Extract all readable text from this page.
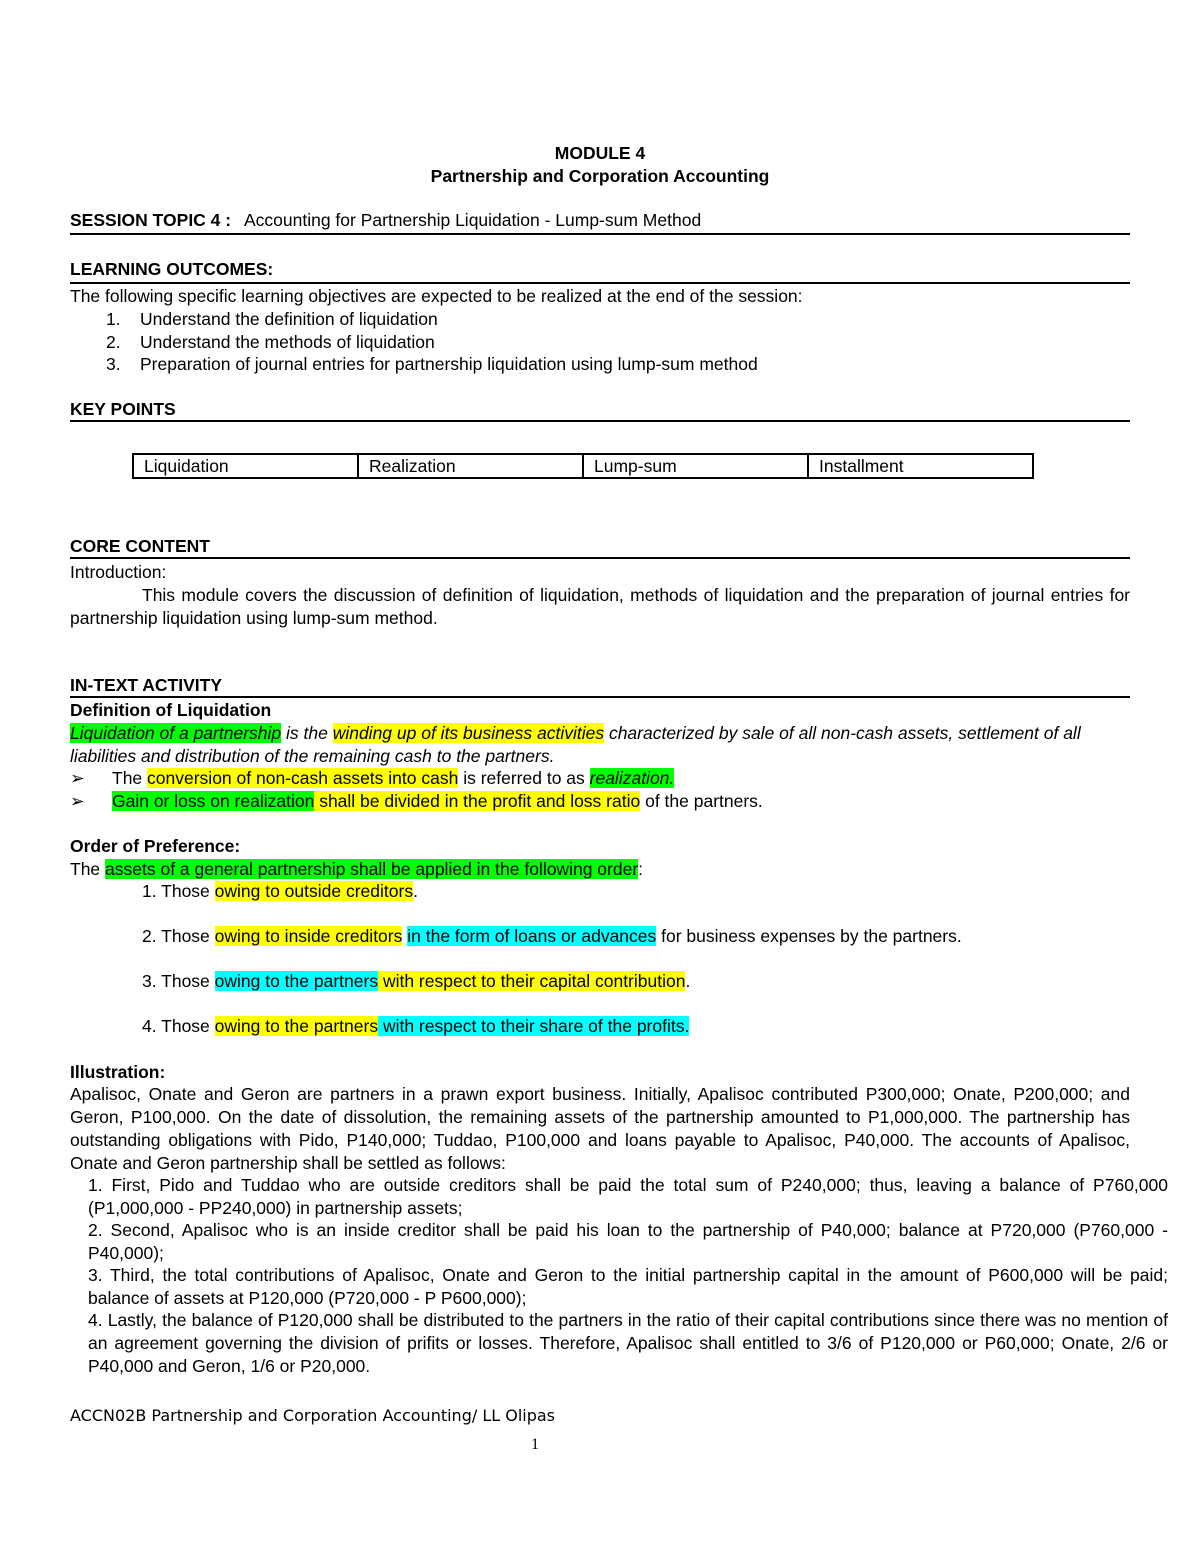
MODULE 4
Partnership and Corporation Accounting
SESSION TOPIC 4 : Accounting for Partnership Liquidation - Lump-sum Method
LEARNING OUTCOMES:
The following specific learning objectives are expected to be realized at the end of the session:
1. Understand the definition of liquidation
2. Understand the methods of liquidation
3. Preparation of journal entries for partnership liquidation using lump-sum method
KEY POINTS
Liquidation	Realization	Lump-sum	Installment
CORE CONTENT
Introduction:
This module covers the discussion of definition of liquidation, methods of liquidation and the preparation of journal entries for partnership liquidation using lump-sum method.
IN-TEXT ACTIVITY
Definition of Liquidation
Liquidation of a partnership is the winding up of its business activities characterized by sale of all non-cash assets, settlement of all liabilities and distribution of the remaining cash to the partners.
➢ The conversion of non-cash assets into cash is referred to as realization.
➢ Gain or loss on realization shall be divided in the profit and loss ratio of the partners.
Order of Preference:
The assets of a general partnership shall be applied in the following order:
1. Those owing to outside creditors.
2. Those owing to inside creditors in the form of loans or advances for business expenses by the partners.
3. Those owing to the partners with respect to their capital contribution.
4. Those owing to the partners with respect to their share of the profits.
Illustration:
Apalisoc, Onate and Geron are partners in a prawn export business. Initially, Apalisoc contributed P300,000; Onate, P200,000; and Geron, P100,000. On the date of dissolution, the remaining assets of the partnership amounted to P1,000,000. The partnership has outstanding obligations with Pido, P140,000; Tuddao, P100,000 and loans payable to Apalisoc, P40,000. The accounts of Apalisoc, Onate and Geron partnership shall be settled as follows:
1. First, Pido and Tuddao who are outside creditors shall be paid the total sum of P240,000; thus, leaving a balance of P760,000 (P1,000,000 - PP240,000) in partnership assets;
2. Second, Apalisoc who is an inside creditor shall be paid his loan to the partnership of P40,000; balance at P720,000 (P760,000 - P40,000);
3. Third, the total contributions of Apalisoc, Onate and Geron to the initial partnership capital in the amount of P600,000 will be paid; balance of assets at P120,000 (P720,000 - P P600,000);
4. Lastly, the balance of P120,000 shall be distributed to the partners in the ratio of their capital contributions since there was no mention of an agreement governing the division of prifits or losses. Therefore, Apalisoc shall entitled to 3/6 of P120,000 or P60,000; Onate, 2/6 or P40,000 and Geron, 1/6 or P20,000.
ACCN02B Partnership and Corporation Accounting/ LL Olipas
1
